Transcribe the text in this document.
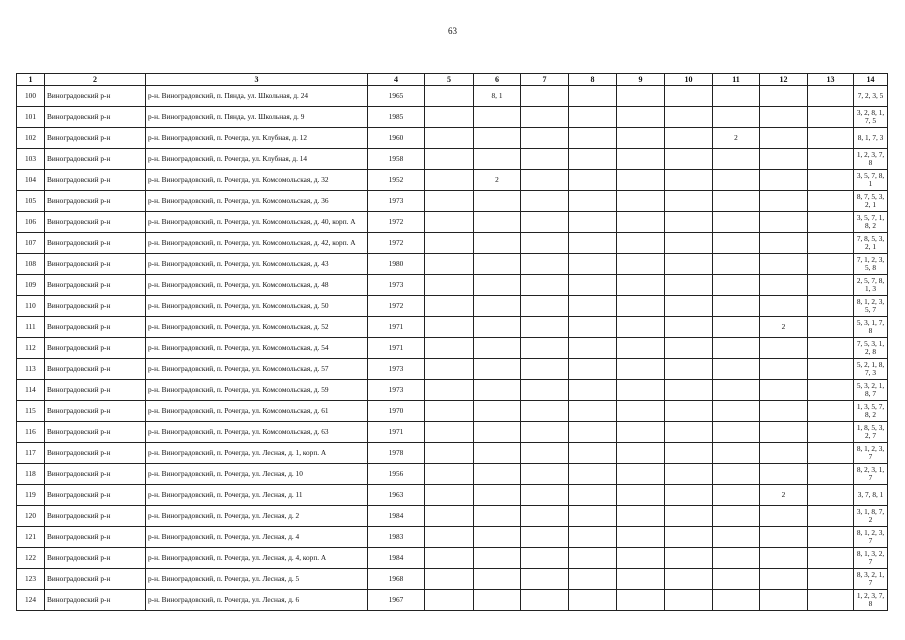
63
1	2	3	4	5	6	7	8	9	10	11	12	13	14
100	Виноградовский р-н	р-н. Виноградовский, п. Пянда, ул. Школьная, д. 24	1965		8, 1								7, 2, 3, 5
101	Виноградовский р-н	р-н. Виноградовский, п. Пянда, ул. Школьная, д. 9	1985										3, 2, 8, 1, 7, 5
102	Виноградовский р-н	р-н. Виноградовский, п. Рочегда, ул. Клубная, д. 12	1960							2			8, 1, 7, 3
103	Виноградовский р-н	р-н. Виноградовский, п. Рочегда, ул. Клубная, д. 14	1958										1, 2, 3, 7, 8
104	Виноградовский р-н	р-н. Виноградовский, п. Рочегда, ул. Комсомольская, д. 32	1952		2								3, 5, 7, 8, 1
105	Виноградовский р-н	р-н. Виноградовский, п. Рочегда, ул. Комсомольская, д. 36	1973										8, 7, 5, 3, 2, 1
106	Виноградовский р-н	р-н. Виноградовский, п. Рочегда, ул. Комсомольская, д. 40, корп. А	1972										3, 5, 7, 1, 8, 2
107	Виноградовский р-н	р-н. Виноградовский, п. Рочегда, ул. Комсомольская, д. 42, корп. А	1972										7, 8, 5, 3, 2, 1
108	Виноградовский р-н	р-н. Виноградовский, п. Рочегда, ул. Комсомольская, д. 43	1980										7, 1, 2, 3, 5, 8
109	Виноградовский р-н	р-н. Виноградовский, п. Рочегда, ул. Комсомольская, д. 48	1973										2, 5, 7, 8, 1, 3
110	Виноградовский р-н	р-н. Виноградовский, п. Рочегда, ул. Комсомольская, д. 50	1972										8, 1, 2, 3, 5, 7
111	Виноградовский р-н	р-н. Виноградовский, п. Рочегда, ул. Комсомольская, д. 52	1971								2		5, 3, 1, 7, 8
112	Виноградовский р-н	р-н. Виноградовский, п. Рочегда, ул. Комсомольская, д. 54	1971										7, 5, 3, 1, 2, 8
113	Виноградовский р-н	р-н. Виноградовский, п. Рочегда, ул. Комсомольская, д. 57	1973										5, 2, 1, 8, 7, 3
114	Виноградовский р-н	р-н. Виноградовский, п. Рочегда, ул. Комсомольская, д. 59	1973										5, 3, 2, 1, 8, 7
115	Виноградовский р-н	р-н. Виноградовский, п. Рочегда, ул. Комсомольская, д. 61	1970										1, 3, 5, 7, 8, 2
116	Виноградовский р-н	р-н. Виноградовский, п. Рочегда, ул. Комсомольская, д. 63	1971										1, 8, 5, 3, 2, 7
117	Виноградовский р-н	р-н. Виноградовский, п. Рочегда, ул. Лесная, д. 1, корп. А	1978										8, 1, 2, 3, 7
118	Виноградовский р-н	р-н. Виноградовский, п. Рочегда, ул. Лесная, д. 10	1956										8, 2, 3, 1, 7
119	Виноградовский р-н	р-н. Виноградовский, п. Рочегда, ул. Лесная, д. 11	1963								2		3, 7, 8, 1
120	Виноградовский р-н	р-н. Виноградовский, п. Рочегда, ул. Лесная, д. 2	1984										3, 1, 8, 7, 2
121	Виноградовский р-н	р-н. Виноградовский, п. Рочегда, ул. Лесная, д. 4	1983										8, 1, 2, 3, 7
122	Виноградовский р-н	р-н. Виноградовский, п. Рочегда, ул. Лесная, д. 4, корп. А	1984										8, 1, 3, 2, 7
123	Виноградовский р-н	р-н. Виноградовский, п. Рочегда, ул. Лесная, д. 5	1968										8, 3, 2, 1, 7
124	Виноградовский р-н	р-н. Виноградовский, п. Рочегда, ул. Лесная, д. 6	1967										1, 2, 3, 7, 8
